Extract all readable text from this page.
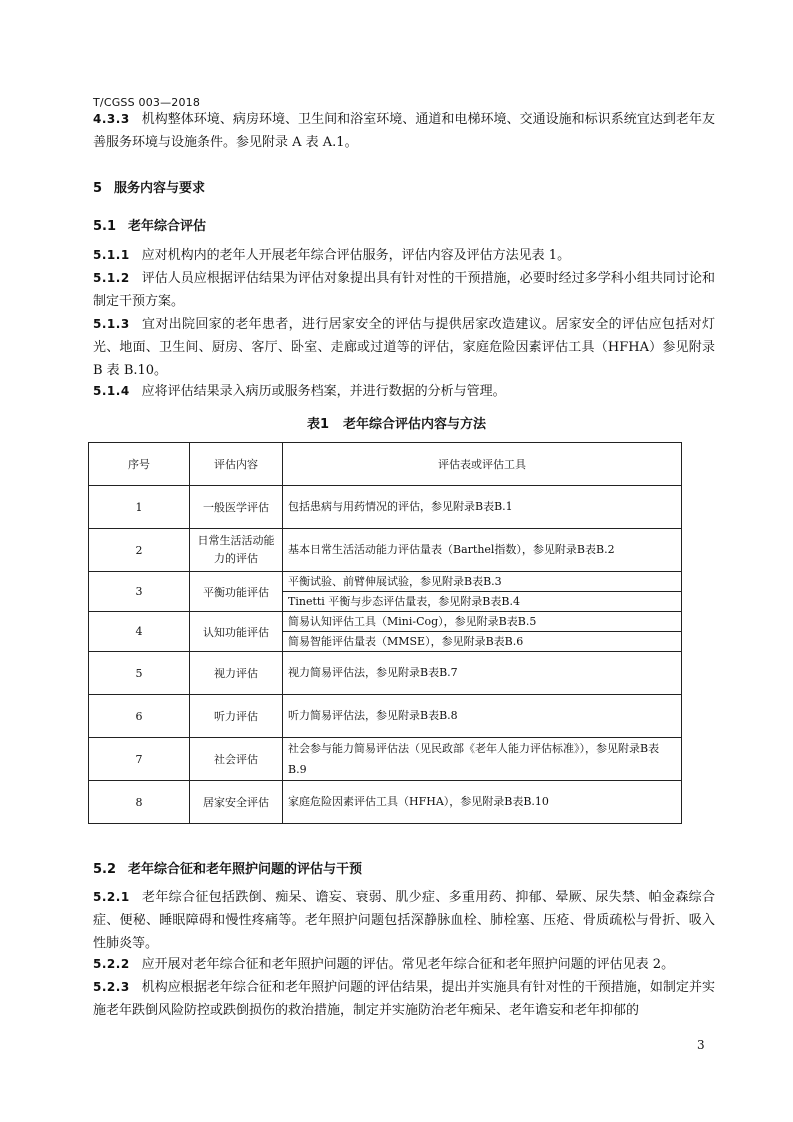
T/CGSS 003—2018
4.3.3 机构整体环境、病房环境、卫生间和浴室环境、通道和电梯环境、交通设施和标识系统宜达到老年友善服务环境与设施条件。参见附录 A 表 A.1。
5 服务内容与要求
5.1 老年综合评估
5.1.1 应对机构内的老年人开展老年综合评估服务，评估内容及评估方法见表 1。
5.1.2 评估人员应根据评估结果为评估对象提出具有针对性的干预措施，必要时经过多学科小组共同讨论和制定干预方案。
5.1.3 宜对出院回家的老年患者，进行居家安全的评估与提供居家改造建议。居家安全的评估应包括对灯光、地面、卫生间、厨房、客厅、卧室、走廊或过道等的评估，家庭危险因素评估工具（HFHA）参见附录 B 表 B.10。
5.1.4 应将评估结果录入病历或服务档案，并进行数据的分析与管理。
表1 老年综合评估内容与方法
序号	评估内容	评估表或评估工具
1	一般医学评估	包括患病与用药情况的评估，参见附录B表B.1
2	日常生活活动能力的评估	基本日常生活活动能力评估量表（Barthel指数），参见附录B表B.2
3	平衡功能评估	平衡试验、前臂伸展试验，参见附录B表B.3
		Tinetti 平衡与步态评估量表，参见附录B表B.4
4	认知功能评估	简易认知评估工具（Mini-Cog），参见附录B表B.5
		简易智能评估量表（MMSE），参见附录B表B.6
5	视力评估	视力简易评估法，参见附录B表B.7
6	听力评估	听力简易评估法，参见附录B表B.8
7	社会评估	社会参与能力简易评估法（见民政部《老年人能力评估标准》），参见附录B表B.9
8	居家安全评估	家庭危险因素评估工具（HFHA），参见附录B表B.10
5.2 老年综合征和老年照护问题的评估与干预
5.2.1 老年综合征包括跌倒、痴呆、谵妄、衰弱、肌少症、多重用药、抑郁、晕厥、尿失禁、帕金森综合症、便秘、睡眠障碍和慢性疼痛等。老年照护问题包括深静脉血栓、肺栓塞、压疮、骨质疏松与骨折、吸入性肺炎等。
5.2.2 应开展对老年综合征和老年照护问题的评估。常见老年综合征和老年照护问题的评估见表 2。
5.2.3 机构应根据老年综合征和老年照护问题的评估结果，提出并实施具有针对性的干预措施，如制定并实施老年跌倒风险防控或跌倒损伤的救治措施，制定并实施防治老年痴呆、老年谵妄和老年抑郁的
3
